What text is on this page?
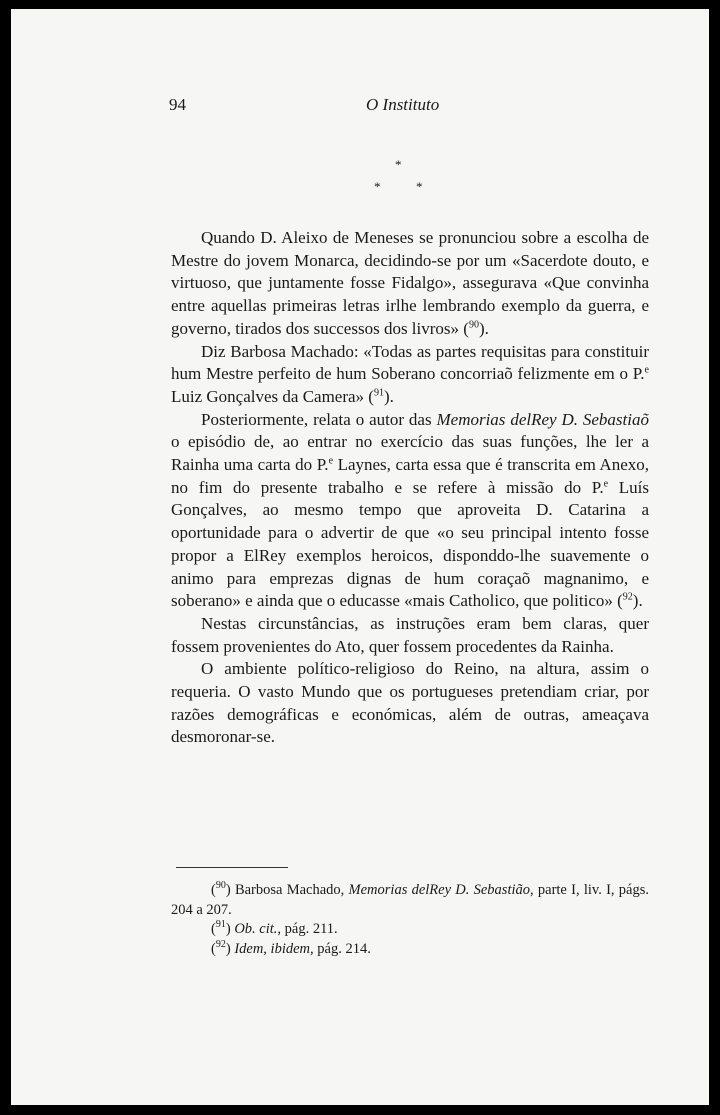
94	O Instituto
*
*	*

Quando D. Aleixo de Meneses se pronunciou sobre a escolha de Mestre do jovem Monarca, decidindo-se por um «Sacerdote douto, e virtuoso, que juntamente fosse Fidalgo», assegurava «Que convinha entre aquellas primeiras letras irlhe lembrando exemplo da guerra, e governo, tirados dos successos dos livros» ($^{90}$).

Diz Barbosa Machado: «Todas as partes requisitas para constituir hum Mestre perfeito de hum Soberano concorriaõ felizmente em o P.$^e$ Luiz Gonçalves da Camera» ($^{91}$).

Posteriormente, relata o autor das Memorias delRey D. Sebastiaõ o episódio de, ao entrar no exercício das suas funções, lhe ler a Rainha uma carta do P.$^e$ Laynes, carta essa que é transcrita em Anexo, no fim do presente trabalho e se refere à missão do P.$^e$ Luís Gonçalves, ao mesmo tempo que aproveita D. Catarina a oportunidade para o advertir de que «o seu principal intento fosse propor a ElRey exemplos heroicos, disponddo-lhe suavemente o animo para emprezas dignas de hum coraçaõ magnanimo, e soberano» e ainda que o educasse «mais Catholico, que politico» ($^{92}$).

Nestas circunstâncias, as instruções eram bem claras, quer fossem provenientes do Ato, quer fossem procedentes da Rainha.

O ambiente político-religioso do Reino, na altura, assim o requeria. O vasto Mundo que os portugueses pretendiam criar, por razões demográficas e económicas, além de outras, ameaçava desmoronar-se.

($^{90}$) Barbosa Machado, Memorias delRey D. Sebastião, parte I, liv. I, págs. 204 a 207.

($^{91}$) Ob. cit., pág. 211.

($^{92}$) Idem, ibidem, pág. 214.
